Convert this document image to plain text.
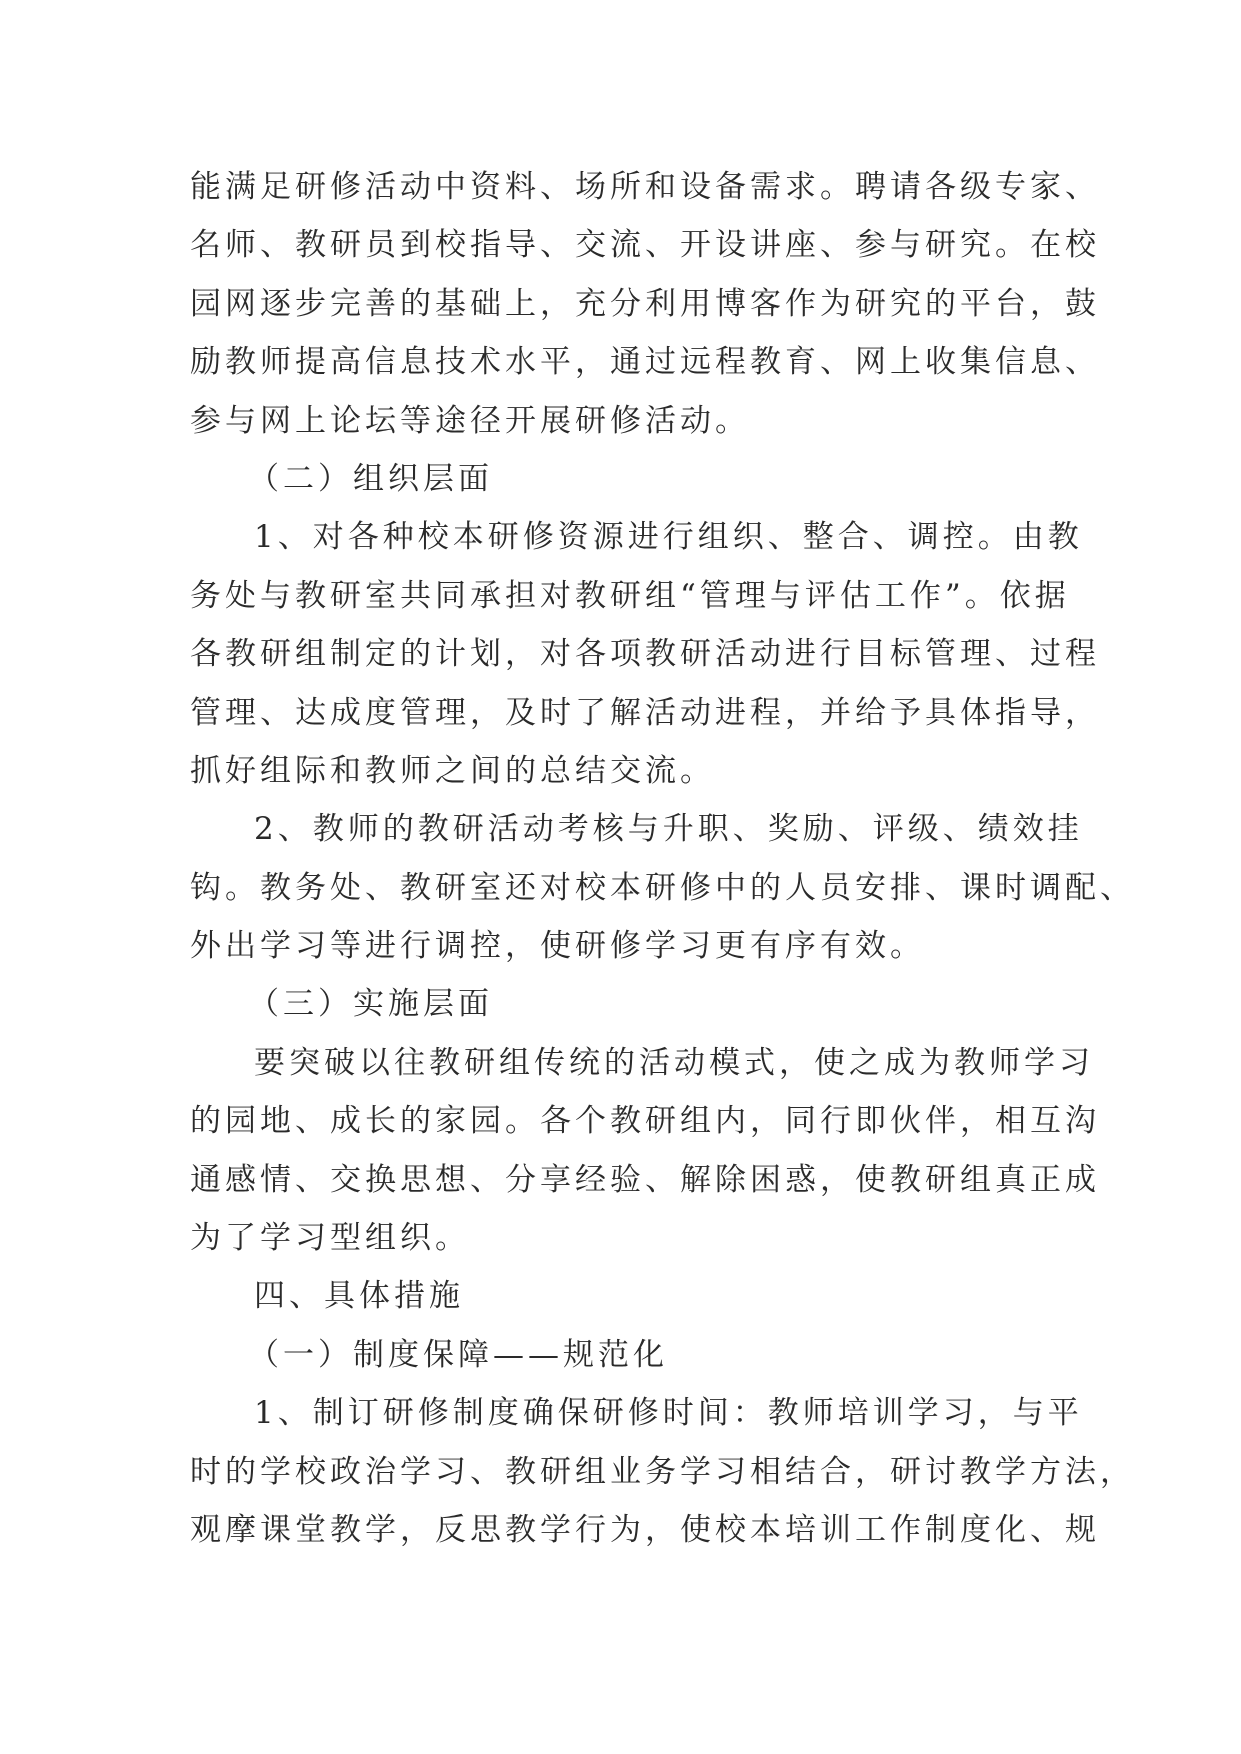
能满足研修活动中资料、场所和设备需求。聘请各级专家、
名师、教研员到校指导、交流、开设讲座、参与研究。在校
园网逐步完善的基础上，充分利用博客作为研究的平台，鼓
励教师提高信息技术水平，通过远程教育、网上收集信息、
参与网上论坛等途径开展研修活动。
（二）组织层面
1、对各种校本研修资源进行组织、整合、调控。由教
务处与教研室共同承担对教研组“管理与评估工作”。依据
各教研组制定的计划，对各项教研活动进行目标管理、过程
管理、达成度管理，及时了解活动进程，并给予具体指导，
抓好组际和教师之间的总结交流。
2、教师的教研活动考核与升职、奖励、评级、绩效挂
钩。教务处、教研室还对校本研修中的人员安排、课时调配、
外出学习等进行调控，使研修学习更有序有效。
（三）实施层面
要突破以往教研组传统的活动模式，使之成为教师学习
的园地、成长的家园。各个教研组内，同行即伙伴，相互沟
通感情、交换思想、分享经验、解除困惑，使教研组真正成
为了学习型组织。
四、具体措施
（一）制度保障——规范化
1、制订研修制度确保研修时间：教师培训学习，与平
时的学校政治学习、教研组业务学习相结合，研讨教学方法，
观摩课堂教学，反思教学行为，使校本培训工作制度化、规
